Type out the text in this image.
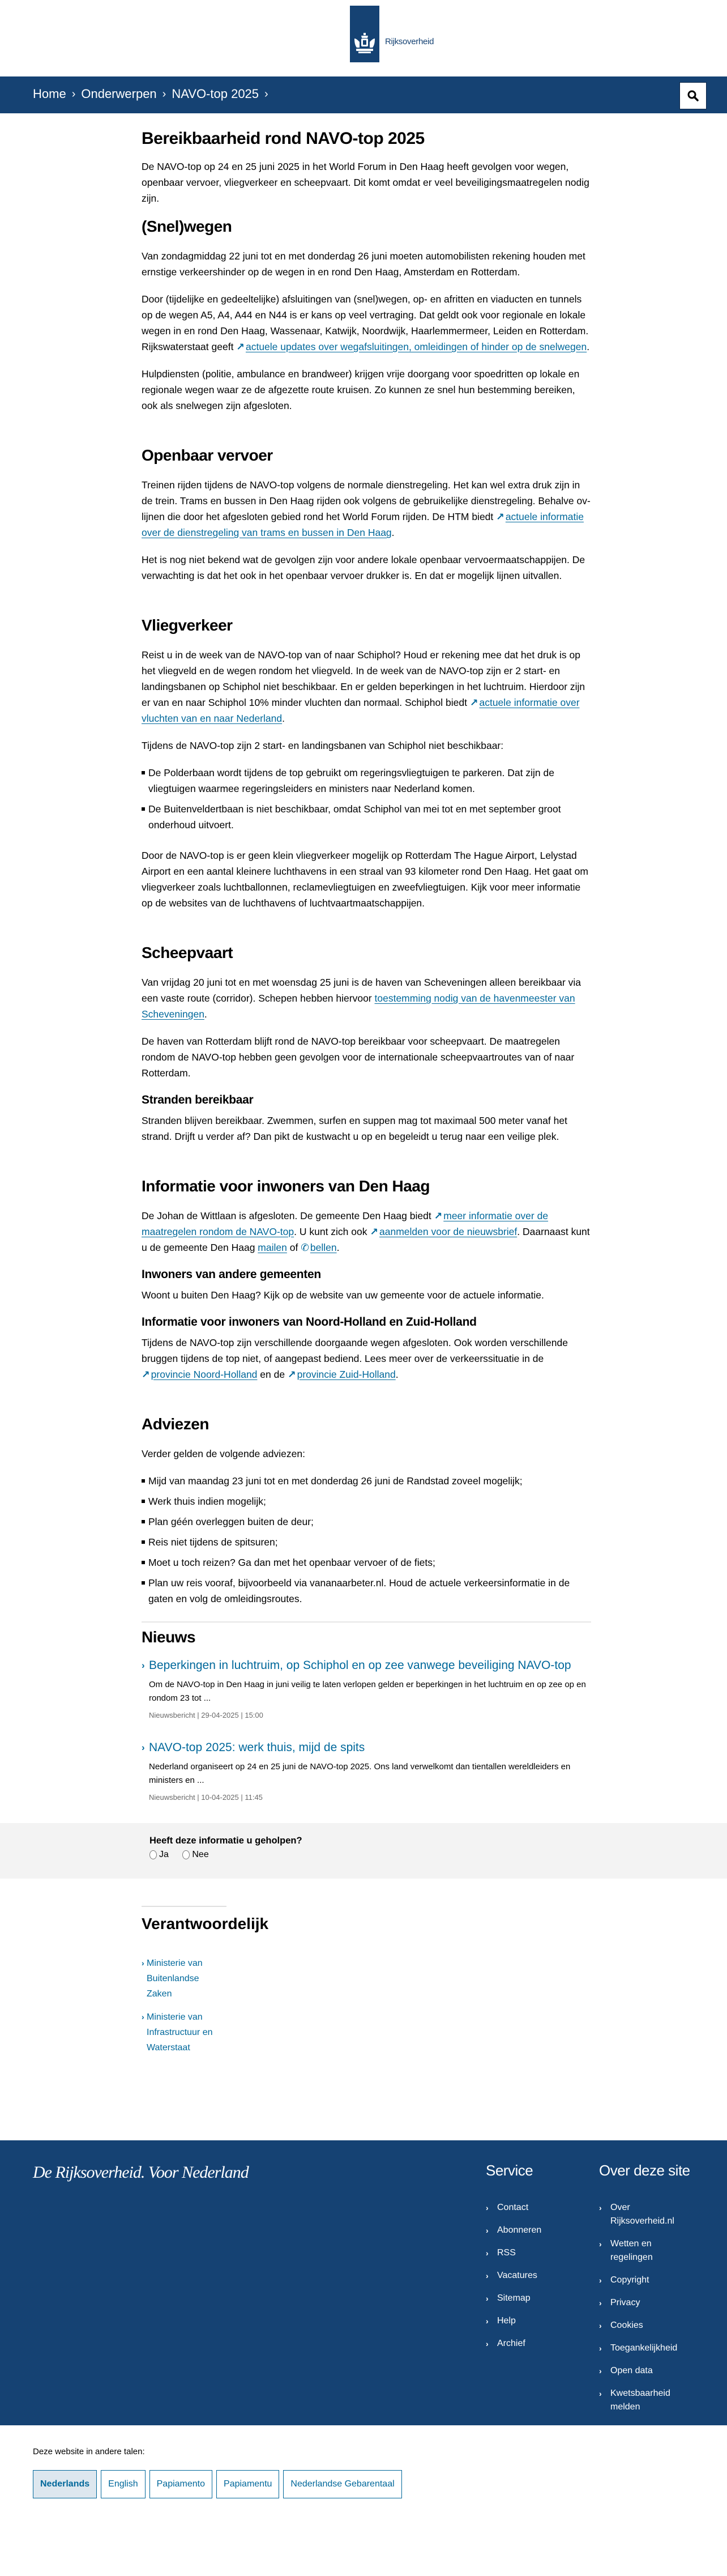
Rijksoverheid
Home › Onderwerpen › NAVO-top 2025 ›
Bereikbaarheid rond NAVO-top 2025

De NAVO-top op 24 en 25 juni 2025 in het World Forum in Den Haag heeft gevolgen voor wegen, openbaar vervoer, vliegverkeer en scheepvaart. Dit komt omdat er veel beveiligingsmaatregelen nodig zijn.

(Snel)wegen

Van zondagmiddag 22 juni tot en met donderdag 26 juni moeten automobilisten rekening houden met ernstige verkeershinder op de wegen in en rond Den Haag, Amsterdam en Rotterdam.

Door (tijdelijke en gedeeltelijke) afsluitingen van (snel)wegen, op- en afritten en viaducten en tunnels op de wegen A5, A4, A44 en N44 is er kans op veel vertraging. Dat geldt ook voor regionale en lokale wegen in en rond Den Haag, Wassenaar, Katwijk, Noordwijk, Haarlemmermeer, Leiden en Rotterdam. Rijkswaterstaat geeft ↗ actuele updates over wegafsluitingen, omleidingen of hinder op de snelwegen.

Hulpdiensten (politie, ambulance en brandweer) krijgen vrije doorgang voor spoedritten op lokale en regionale wegen waar ze de afgezette route kruisen. Zo kunnen ze snel hun bestemming bereiken, ook als snelwegen zijn afgesloten.

Openbaar vervoer

Treinen rijden tijdens de NAVO-top volgens de normale dienstregeling. Het kan wel extra druk zijn in de trein. Trams en bussen in Den Haag rijden ook volgens de gebruikelijke dienstregeling. Behalve ov-lijnen die door het afgesloten gebied rond het World Forum rijden. De HTM biedt ↗ actuele informatie over de dienstregeling van trams en bussen in Den Haag.

Het is nog niet bekend wat de gevolgen zijn voor andere lokale openbaar vervoermaatschappijen. De verwachting is dat het ook in het openbaar vervoer drukker is. En dat er mogelijk lijnen uitvallen.

Vliegverkeer

Reist u in de week van de NAVO-top van of naar Schiphol? Houd er rekening mee dat het druk is op het vliegveld en de wegen rondom het vliegveld. In de week van de NAVO-top zijn er 2 start- en landingsbanen op Schiphol niet beschikbaar. En er gelden beperkingen in het luchtruim. Hierdoor zijn er van en naar Schiphol 10% minder vluchten dan normaal. Schiphol biedt ↗ actuele informatie over vluchten van en naar Nederland.

Tijdens de NAVO-top zijn 2 start- en landingsbanen van Schiphol niet beschikbaar:

De Polderbaan wordt tijdens de top gebruikt om regeringsvliegtuigen te parkeren. Dat zijn de vliegtuigen waarmee regeringsleiders en ministers naar Nederland komen.
De Buitenveldertbaan is niet beschikbaar, omdat Schiphol van mei tot en met september groot onderhoud uitvoert.

Door de NAVO-top is er geen klein vliegverkeer mogelijk op Rotterdam The Hague Airport, Lelystad Airport en een aantal kleinere luchthavens in een straal van 93 kilometer rond Den Haag. Het gaat om vliegverkeer zoals luchtballonnen, reclamevliegtuigen en zweefvliegtuigen. Kijk voor meer informatie op de websites van de luchthavens of luchtvaartmaatschappijen.

Scheepvaart

Van vrijdag 20 juni tot en met woensdag 25 juni is de haven van Scheveningen alleen bereikbaar via een vaste route (corridor). Schepen hebben hiervoor toestemming nodig van de havenmeester van Scheveningen.

De haven van Rotterdam blijft rond de NAVO-top bereikbaar voor scheepvaart. De maatregelen rondom de NAVO-top hebben geen gevolgen voor de internationale scheepvaartroutes van of naar Rotterdam.

Stranden bereikbaar

Stranden blijven bereikbaar. Zwemmen, surfen en suppen mag tot maximaal 500 meter vanaf het strand. Drijft u verder af? Dan pikt de kustwacht u op en begeleidt u terug naar een veilige plek.

Informatie voor inwoners van Den Haag

De Johan de Wittlaan is afgesloten. De gemeente Den Haag biedt ↗ meer informatie over de maatregelen rondom de NAVO-top. U kunt zich ook ↗ aanmelden voor de nieuwsbrief. Daarnaast kunt u de gemeente Den Haag mailen of ✆ bellen.

Inwoners van andere gemeenten

Woont u buiten Den Haag? Kijk op de website van uw gemeente voor de actuele informatie.

Informatie voor inwoners van Noord-Holland en Zuid-Holland

Tijdens de NAVO-top zijn verschillende doorgaande wegen afgesloten. Ook worden verschillende bruggen tijdens de top niet, of aangepast bediend. Lees meer over de verkeerssituatie in de ↗ provincie Noord-Holland en de ↗ provincie Zuid-Holland.

Adviezen

Verder gelden de volgende adviezen:

Mijd van maandag 23 juni tot en met donderdag 26 juni de Randstad zoveel mogelijk;
Werk thuis indien mogelijk;
Plan géén overleggen buiten de deur;
Reis niet tijdens de spitsuren;
Moet u toch reizen? Ga dan met het openbaar vervoer of de fiets;
Plan uw reis vooraf, bijvoorbeeld via vananaarbeter.nl. Houd de actuele verkeersinformatie in de gaten en volg de omleidingsroutes.
Nieuws
› Beperkingen in luchtruim, op Schiphol en op zee vanwege beveiliging NAVO-top

Om de NAVO-top in Den Haag in juni veilig te laten verlopen gelden er beperkingen in het luchtruim en op zee op en rondom 23 tot ...

Nieuwsbericht | 29-04-2025 | 15:00
› NAVO-top 2025: werk thuis, mijd de spits

Nederland organiseert op 24 en 25 juni de NAVO-top 2025. Ons land verwelkomt dan tientallen wereldleiders en ministers en ...

Nieuwsbericht | 10-04-2025 | 11:45
Heeft deze informatie u geholpen?
Ja
	Nee
Verantwoordelijk
› Ministerie van Buitenlandse Zaken
› Ministerie van Infrastructuur en Waterstaat
De Rijksoverheid. Voor Nederland	Service
› Contact
› Abonneren
› RSS
› Vacatures
› Sitemap
› Help
› Archief
Over deze site
› Over Rijksoverheid.nl
› Wetten en regelingen
› Copyright
› Privacy
› Cookies
› Toegankelijkheid
› Open data
› Kwetsbaarheid melden
Deze website in andere talen:
Nederlands	English	Papiamento	Papiamentu	Nederlandse Gebarentaal
